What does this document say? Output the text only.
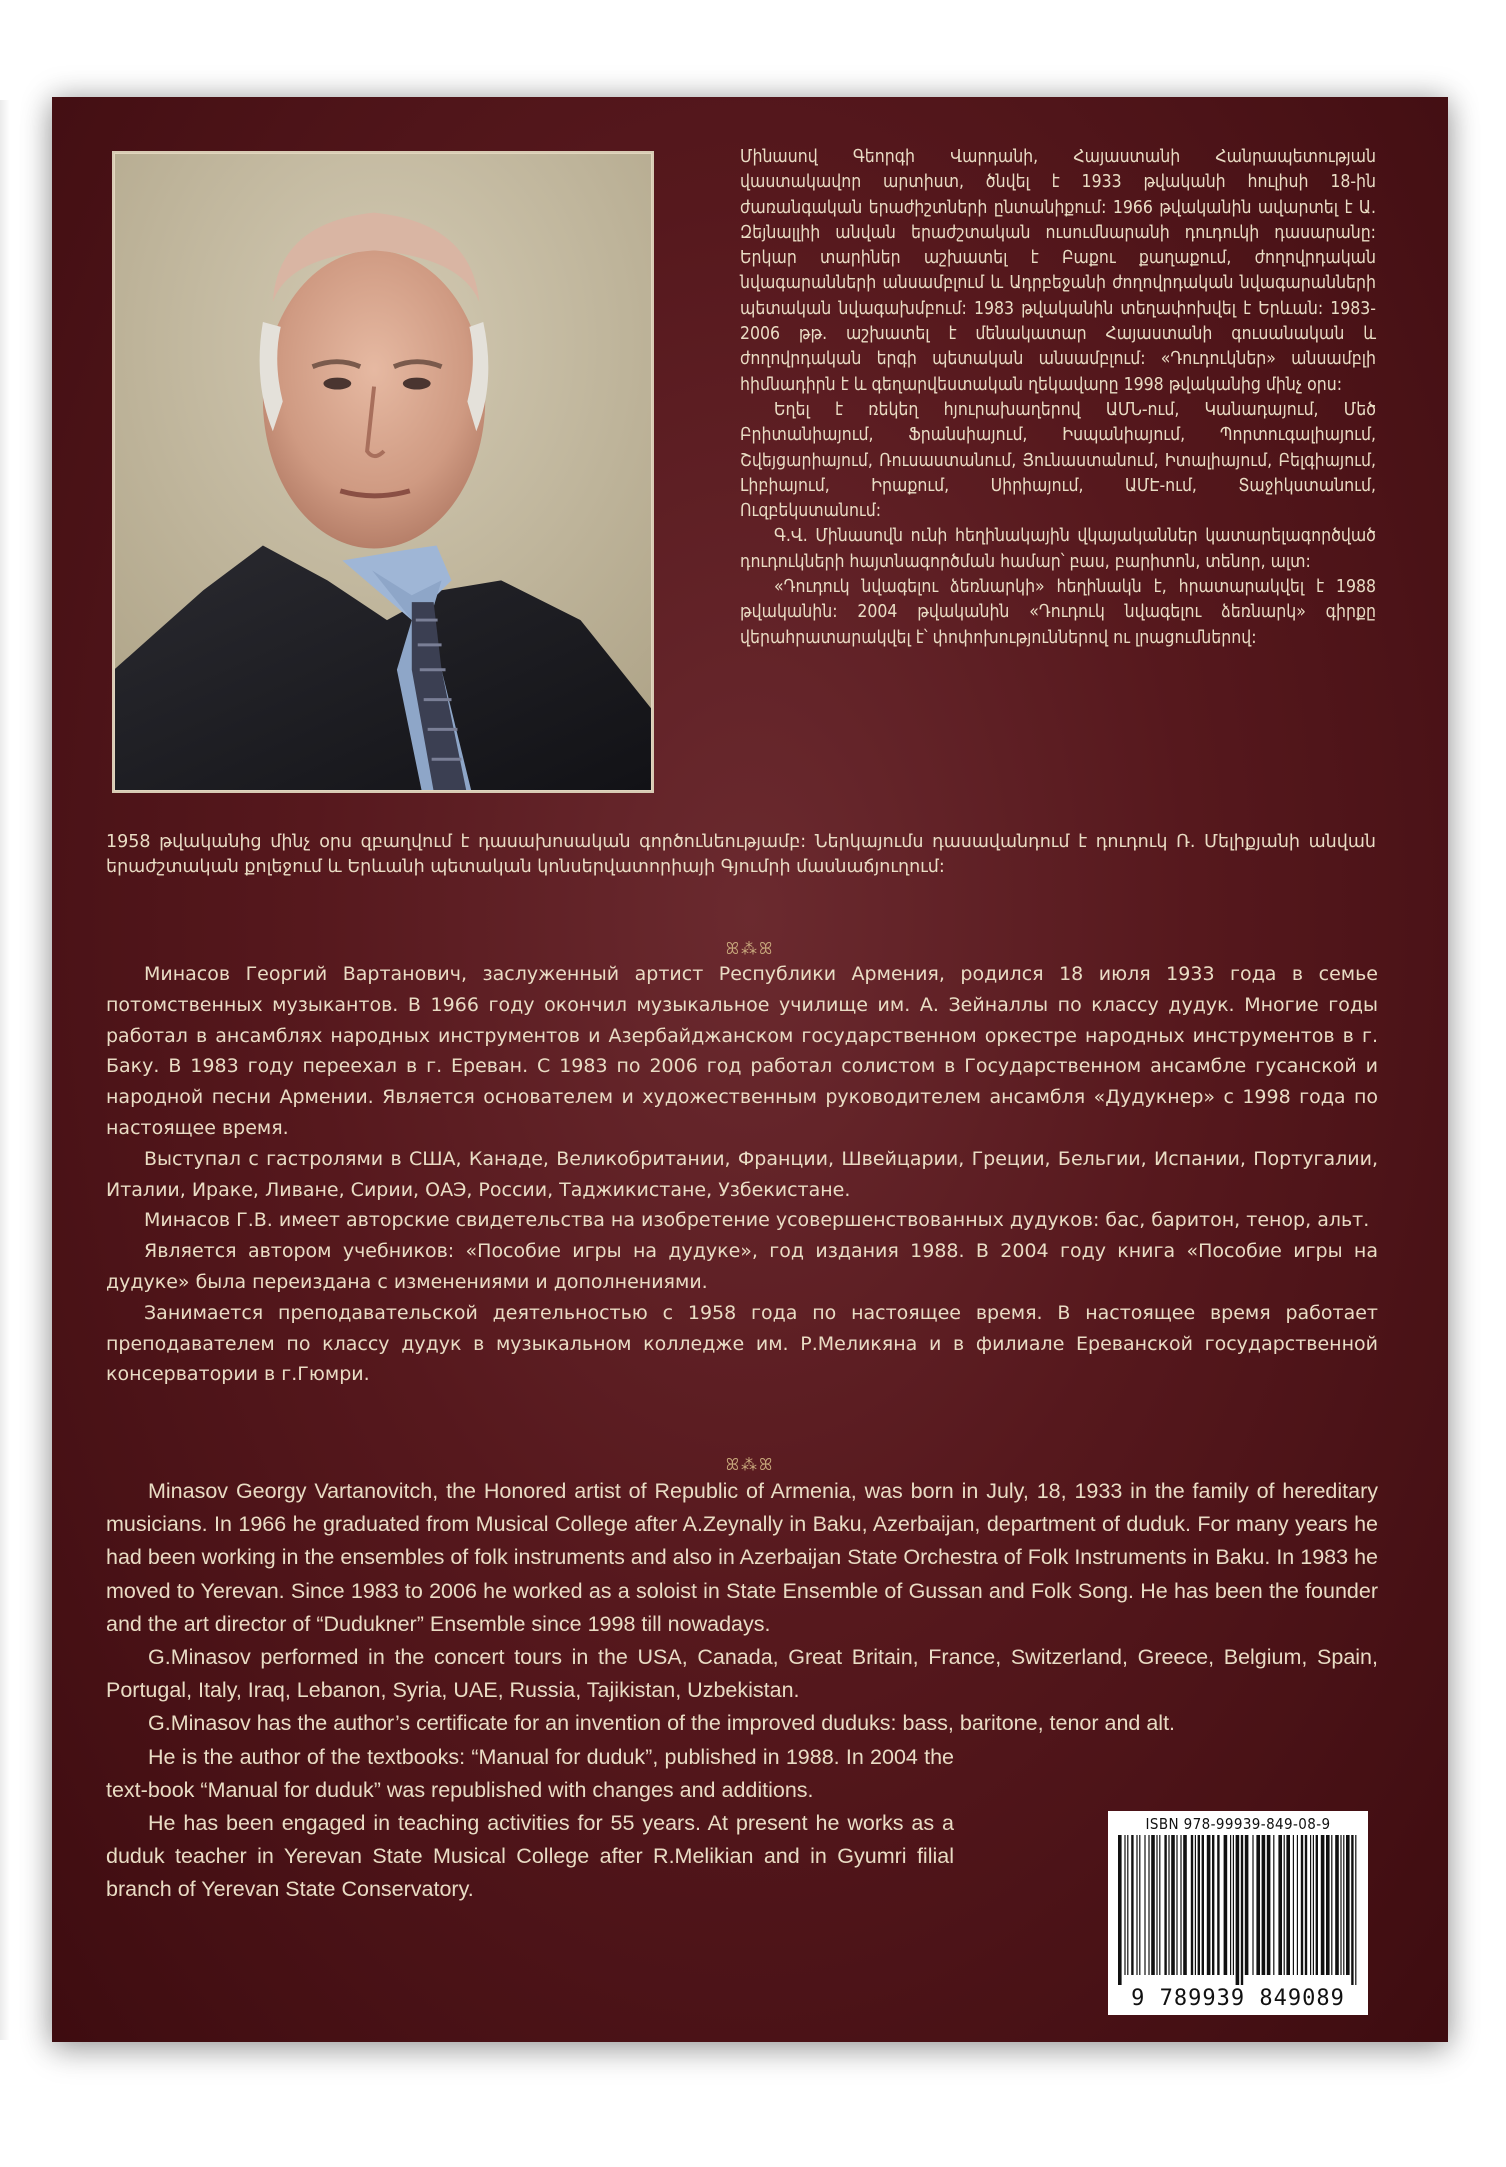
Մինասով Գեորգի Վարդանի, Հայաստանի Հանրապետության վաստակավոր արտիստ, ծնվել է 1933 թվականի հուլիսի 18-ին ժառանգական երաժիշտների ընտանիքում: 1966 թվականին ավարտել է Ա. Զեյնալլիի անվան երաժշտական ուսումնարանի դուդուկի դասարանը: Երկար տարիներ աշխատել է Բաքու քաղաքում, ժողովրդական նվագարանների անսամբլում և Ադրբեջանի ժողովրդական նվագարանների պետական նվագախմբում: 1983 թվականին տեղափոխվել է Երևան: 1983-2006 թթ. աշխատել է մենակատար Հայաստանի գուսանական և ժողովրդական երգի պետական անսամբլում: «Դուդուկներ» անսամբլի հիմնադիրն է և գեղարվեստական ղեկավարը 1998 թվականից մինչ օրս:

Եղել է ռեկեղ հյուրախաղերով ԱՄՆ-ում, Կանադայում, Մեծ Բրիտանիայում, Ֆրանսիայում, Իսպանիայում, Պորտուգալիայում, Շվեյցարիայում, Ռուսաստանում, Յունաստանում, Իտալիայում, Բելգիայում, Լիբիայում, Իրաքում, Սիրիայում, ԱՄԷ-ում, Տաջիկստանում, Ուզբեկստանում:

Գ.Վ. Մինասովն ունի հեղինակային վկայականներ կատարելագործված դուդուկների հայտնագործման համար՝ բաս, բարիտոն, տենոր, ալտ:

«Դուդուկ նվագելու ձեռնարկի» հեղինակն է, հրատարակվել է 1988 թվականին: 2004 թվականին «Դուդուկ նվագելու ձեռնարկ» գիրքը վերահրատարակվել է՝ փոփոխություններով ու լրացումներով:

1958 թվականից մինչ օրս զբաղվում է դասախոսական գործունեությամբ: Ներկայումս դասավանդում է դուդուկ Ռ. Մելիքյանի անվան երաժշտական քոլեջում և Երևանի պետական կոնսերվատորիայի Գյումրի մասնաճյուղում:

ꕤ⁂ꕤ

Минасов Георгий Вартанович, заслуженный артист Республики Армения, родился 18 июля 1933 года в семье потомственных музыкантов. В 1966 году окончил музыкальное училище им. А. Зейналлы по классу дудук. Многие годы работал в ансамблях народных инструментов и Азербайджанском государственном оркестре народных инструментов в г. Баку. В 1983 году переехал в г. Ереван. С 1983 по 2006 год работал солистом в Государственном ансамбле гусанской и народной песни Армении. Является основателем и художественным руководителем ансамбля «Дудукнер» с 1998 года по настоящее время.

Выступал с гастролями в США, Канаде, Великобритании, Франции, Швейцарии, Греции, Бельгии, Испании, Португалии, Италии, Ираке, Ливане, Сирии, ОАЭ, России, Таджикистане, Узбекистане.

Минасов Г.В. имеет авторские свидетельства на изобретение усовершенствованных дудуков: бас, баритон, тенор, альт.

Является автором учебников: «Пособие игры на дудуке», год издания 1988. В 2004 году книга «Пособие игры на дудуке» была переиздана с изменениями и дополнениями.

Занимается преподавательской деятельностью с 1958 года по настоящее время. В настоящее время работает преподавателем по классу дудук в музыкальном колледже им. Р.Меликяна и в филиале Ереванской государственной консерватории в г.Гюмри.

ꕤ⁂ꕤ

Minasov Georgy Vartanovitch, the Honored artist of Republic of Armenia, was born in July, 18, 1933 in the family of hereditary musicians. In 1966 he graduated from Musical College after A.Zeynally in Baku, Azerbaijan, department of duduk. For many years he had been working in the ensembles of folk instruments and also in Azerbaijan State Orchestra of Folk Instruments in Baku. In 1983 he moved to Yerevan. Since 1983 to 2006 he worked as a soloist in State Ensemble of Gussan and Folk Song. He has been the founder and the art director of “Dudukner” Ensemble since 1998 till nowadays.

G.Minasov performed in the concert tours in the USA, Canada, Great Britain, France, Switzerland, Greece, Belgium, Spain, Portugal, Italy, Iraq, Lebanon, Syria, UAE, Russia, Tajikistan, Uzbekistan.

G.Minasov has the author’s certificate for an invention of the improved duduks: bass, baritone, tenor and alt.

He is the author of the textbooks: “Manual for duduk”, published in 1988. In 2004 the text-book “Manual for duduk” was republished with changes and additions.

He has been engaged in teaching activities for 55 years. At present he works as a duduk teacher in Yerevan State Musical College after R.Melikian and in Gyumri filial branch of Yerevan State Conservatory.

ISBN 978-99939-849-08-9
9 789939 849089
